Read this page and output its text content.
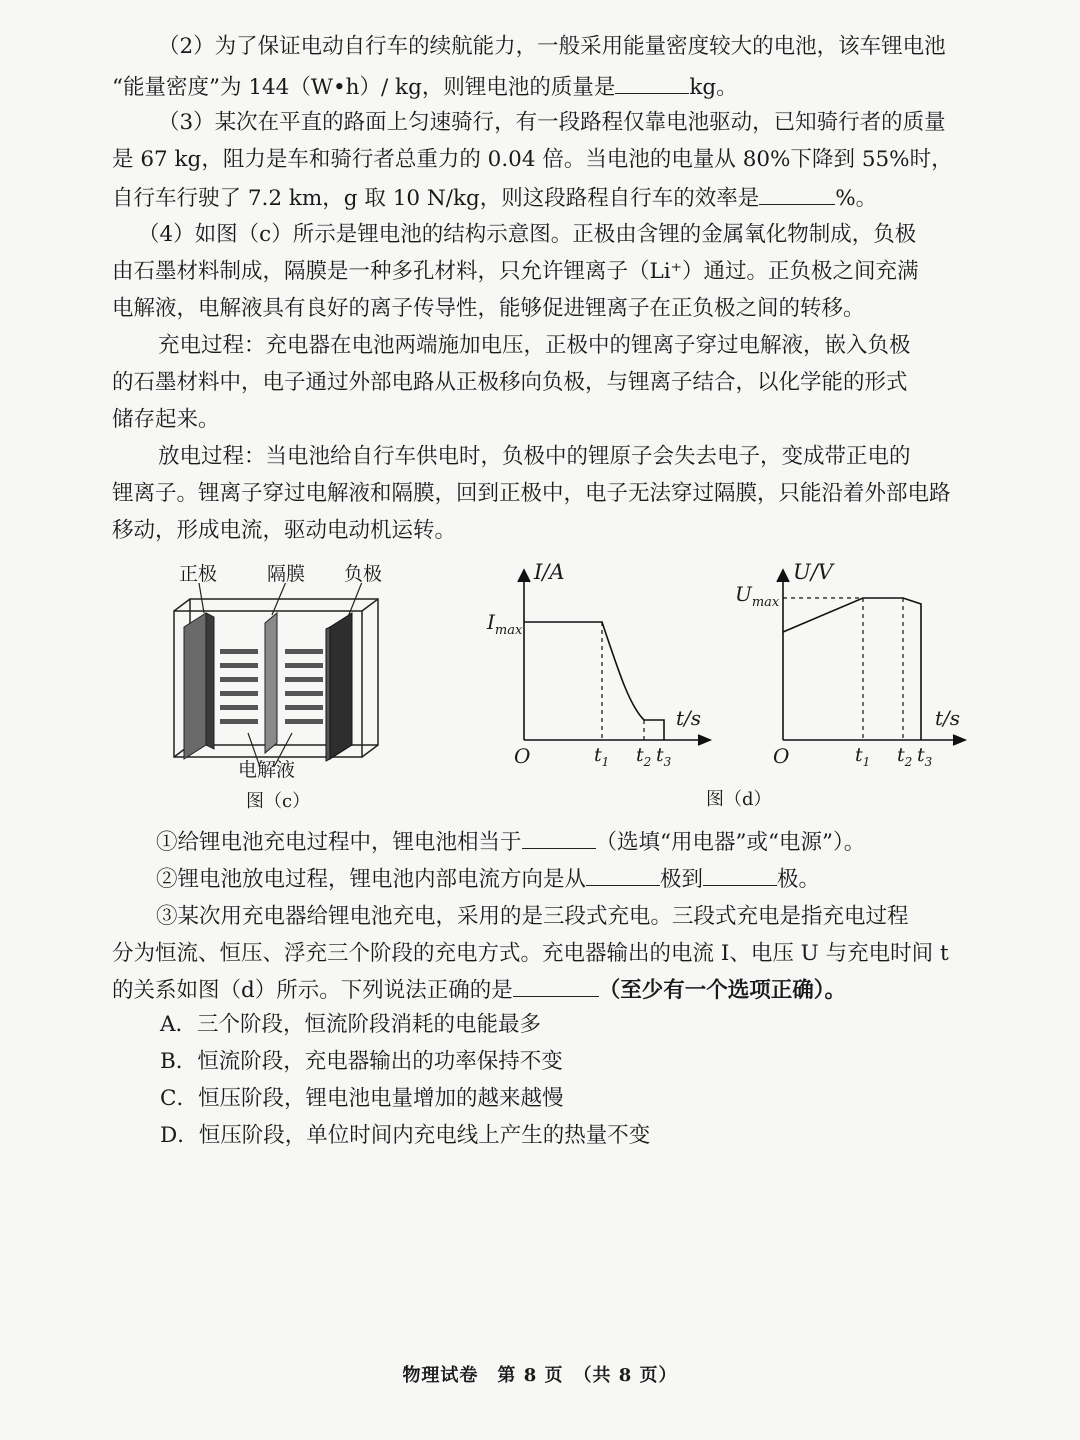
（2）为了保证电动自行车的续航能力，一般采用能量密度较大的电池，该车锂电池
“能量密度”为 144（W•h）/ kg，则锂电池的质量是	kg。
（3）某次在平直的路面上匀速骑行，有一段路程仅靠电池驱动，已知骑行者的质量
是 67 kg，阻力是车和骑行者总重力的 0.04 倍。当电池的电量从 80%下降到 55%时，
自行车行驶了 7.2 km，g 取 10 N/kg，则这段路程自行车的效率是	%。
（4）如图（c）所示是锂电池的结构示意图。正极由含锂的金属氧化物制成，负极
由石墨材料制成，隔膜是一种多孔材料，只允许锂离子（Li⁺）通过。正负极之间充满
电解液，电解液具有良好的离子传导性，能够促进锂离子在正负极之间的转移。
充电过程：充电器在电池两端施加电压，正极中的锂离子穿过电解液，嵌入负极
的石墨材料中，电子通过外部电路从正极移向负极，与锂离子结合，以化学能的形式
储存起来。
放电过程：当电池给自行车供电时，负极中的锂原子会失去电子，变成带正电的
锂离子。锂离子穿过电解液和隔膜，回到正极中，电子无法穿过隔膜，只能沿着外部电路
移动，形成电流，驱动电动机运转。
正极	隔膜 负极
电解液
图（c）
I/A
t/s
$I_{max}$
O	$t_1$ $t_2$ $t_3$
U/V
t/s
$U_{max}$
O	$t_1$ $t_2$ $t_3$
图（d）
①给锂电池充电过程中，锂电池相当于	（选填“用电器”或“电源”）。
②锂电池放电过程，锂电池内部电流方向是从	极到	极。
③某次用充电器给锂电池充电，采用的是三段式充电。三段式充电是指充电过程
分为恒流、恒压、浮充三个阶段的充电方式。充电器输出的电流 I、电压 U 与充电时间 t
的关系如图（d）所示。下列说法正确的是	（至少有一个选项正确）。
A．三个阶段，恒流阶段消耗的电能最多
B．恒流阶段，充电器输出的功率保持不变
C．恒压阶段，锂电池电量增加的越来越慢
D．恒压阶段，单位时间内充电线上产生的热量不变
物理试卷　第 8 页　（共 8 页）
